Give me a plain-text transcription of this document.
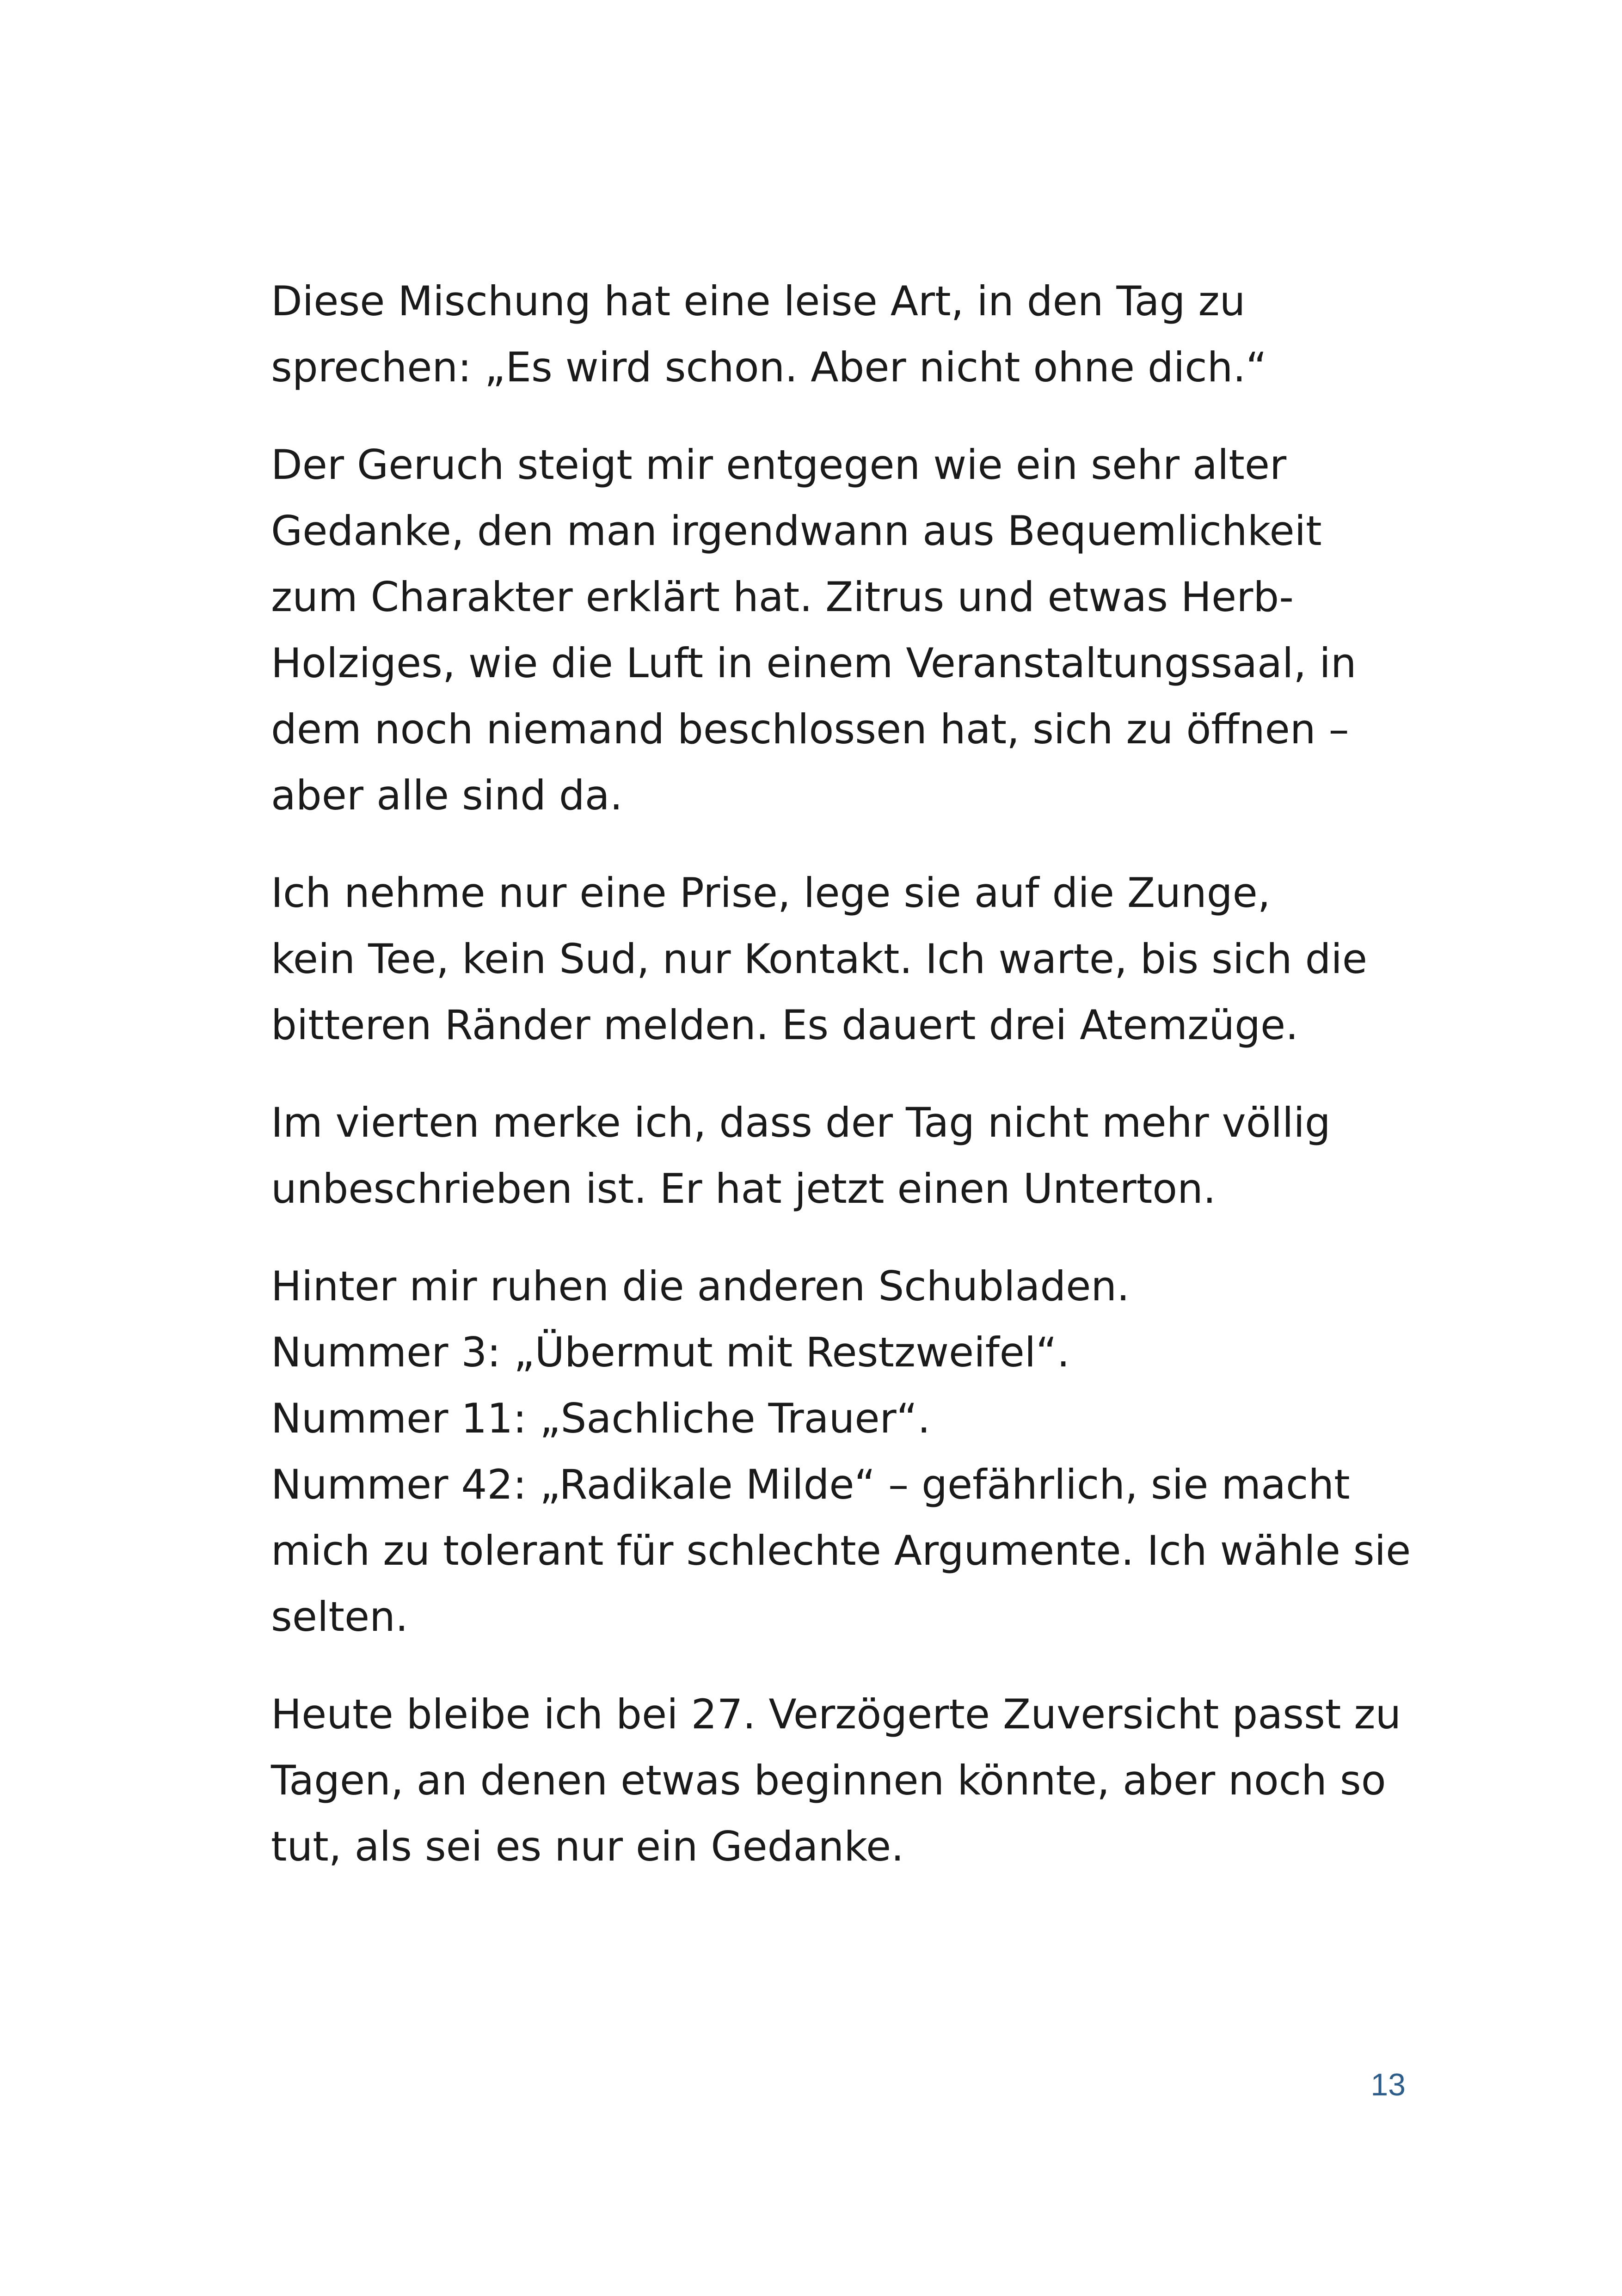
Diese Mischung hat eine leise Art, in den Tag zu
sprechen: „Es wird schon. Aber nicht ohne dich.“

Der Geruch steigt mir entgegen wie ein sehr alter
Gedanke, den man irgendwann aus Bequemlichkeit
zum Charakter erklärt hat. Zitrus und etwas Herb-
Holziges, wie die Luft in einem Veranstaltungssaal, in
dem noch niemand beschlossen hat, sich zu öffnen –
aber alle sind da.

Ich nehme nur eine Prise, lege sie auf die Zunge,
kein Tee, kein Sud, nur Kontakt. Ich warte, bis sich die
bitteren Ränder melden. Es dauert drei Atemzüge.

Im vierten merke ich, dass der Tag nicht mehr völlig
unbeschrieben ist. Er hat jetzt einen Unterton.

Hinter mir ruhen die anderen Schubladen.
Nummer 3: „Übermut mit Restzweifel“.
Nummer 11: „Sachliche Trauer“.
Nummer 42: „Radikale Milde“ – gefährlich, sie macht
mich zu tolerant für schlechte Argumente. Ich wähle sie
selten.

Heute bleibe ich bei 27. Verzögerte Zuversicht passt zu
Tagen, an denen etwas beginnen könnte, aber noch so
tut, als sei es nur ein Gedanke.

13
